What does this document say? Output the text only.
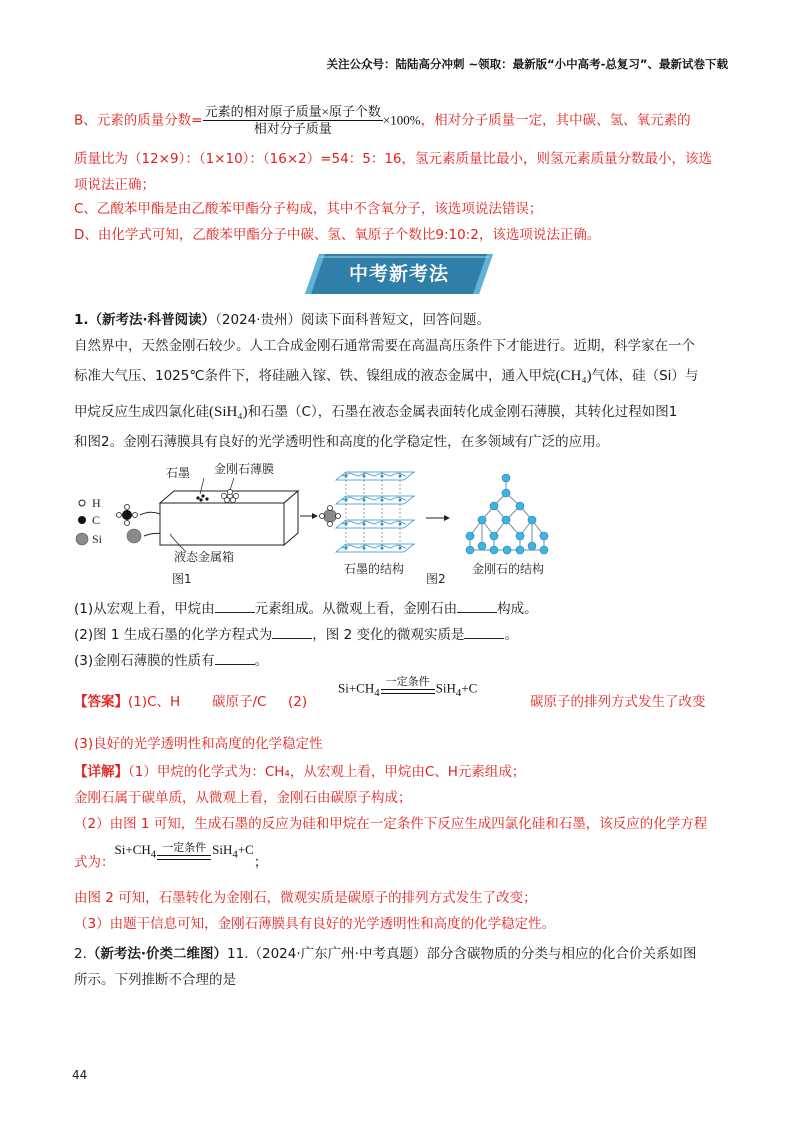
关注公众号：陆陆高分冲刺 ~领取：最新版“小中高考-总复习”、最新试卷下载
B、元素的质量分数= $\frac{\text{元素的相对原子质量×原子个数}}{\text{相对分子质量}} \times 100\%$，相对分子质量一定，其中碳、氢、氧元素的
质量比为（12×9）：（1×10）：（16×2）=54：5：16，氢元素质量比最小，则氢元素质量分数最小，该选
项说法正确；
C、乙酸苯甲酯是由乙酸苯甲酯分子构成，其中不含氧分子，该选项说法错误；
D、由化学式可知，乙酸苯甲酯分子中碳、氢、氧原子个数比9:10:2，该选项说法正确。
中考新考法
1.（新考法·科普阅读）（2024·贵州）阅读下面科普短文，回答问题。
自然界中，天然金刚石较少。人工合成金刚石通常需要在高温高压条件下才能进行。近期，科学家在一个
标准大气压、1025℃条件下，将硅融入镓、铁、镍组成的液态金属中，通入甲烷(CH₄)气体，硅（Si）与
甲烷反应生成四氯化硅(SiH₄)和石墨（C），石墨在液态金属表面转化成金刚石薄膜，其转化过程如图1
和图2。金刚石薄膜具有良好的光学透明性和高度的化学稳定性，在多领域有广泛的应用。
H
C
Si
石墨 金刚石薄膜
液态金属箱
图1
石墨的结构
图2
金刚石的结构
(1)从宏观上看，甲烷由	元素组成。从微观上看，金刚石由	构成。
(2)图 1 生成石墨的化学方程式为	，图 2 变化的微观实质是	。
(3)金刚石薄膜的性质有	。
【答案】(1)C、H 碳原子/C (2)
$Si+CH_4$
一定条件 SiH$_4$+C
碳原子的排列方式发生了改变
(3)良好的光学透明性和高度的化学稳定性
【详解】（1）甲烷的化学式为：CH₄，从宏观上看，甲烷由C、H元素组成；
金刚石属于碳单质，从微观上看，金刚石由碳原子构成；
（2）由图 1 可知，生成石墨的反应为硅和甲烷在一定条件下反应生成四氯化硅和石墨，该反应的化学方程
式为：$Si+CH_4$
一定条件 SiH$_4$+C；
由图 2 可知，石墨转化为金刚石，微观实质是碳原子的排列方式发生了改变；
（3）由题干信息可知，金刚石薄膜具有良好的光学透明性和高度的化学稳定性。
2.（新考法·价类二维图）11.（2024·广东广州·中考真题）部分含碳物质的分类与相应的化合价关系如图
所示。下列推断不合理的是
44
